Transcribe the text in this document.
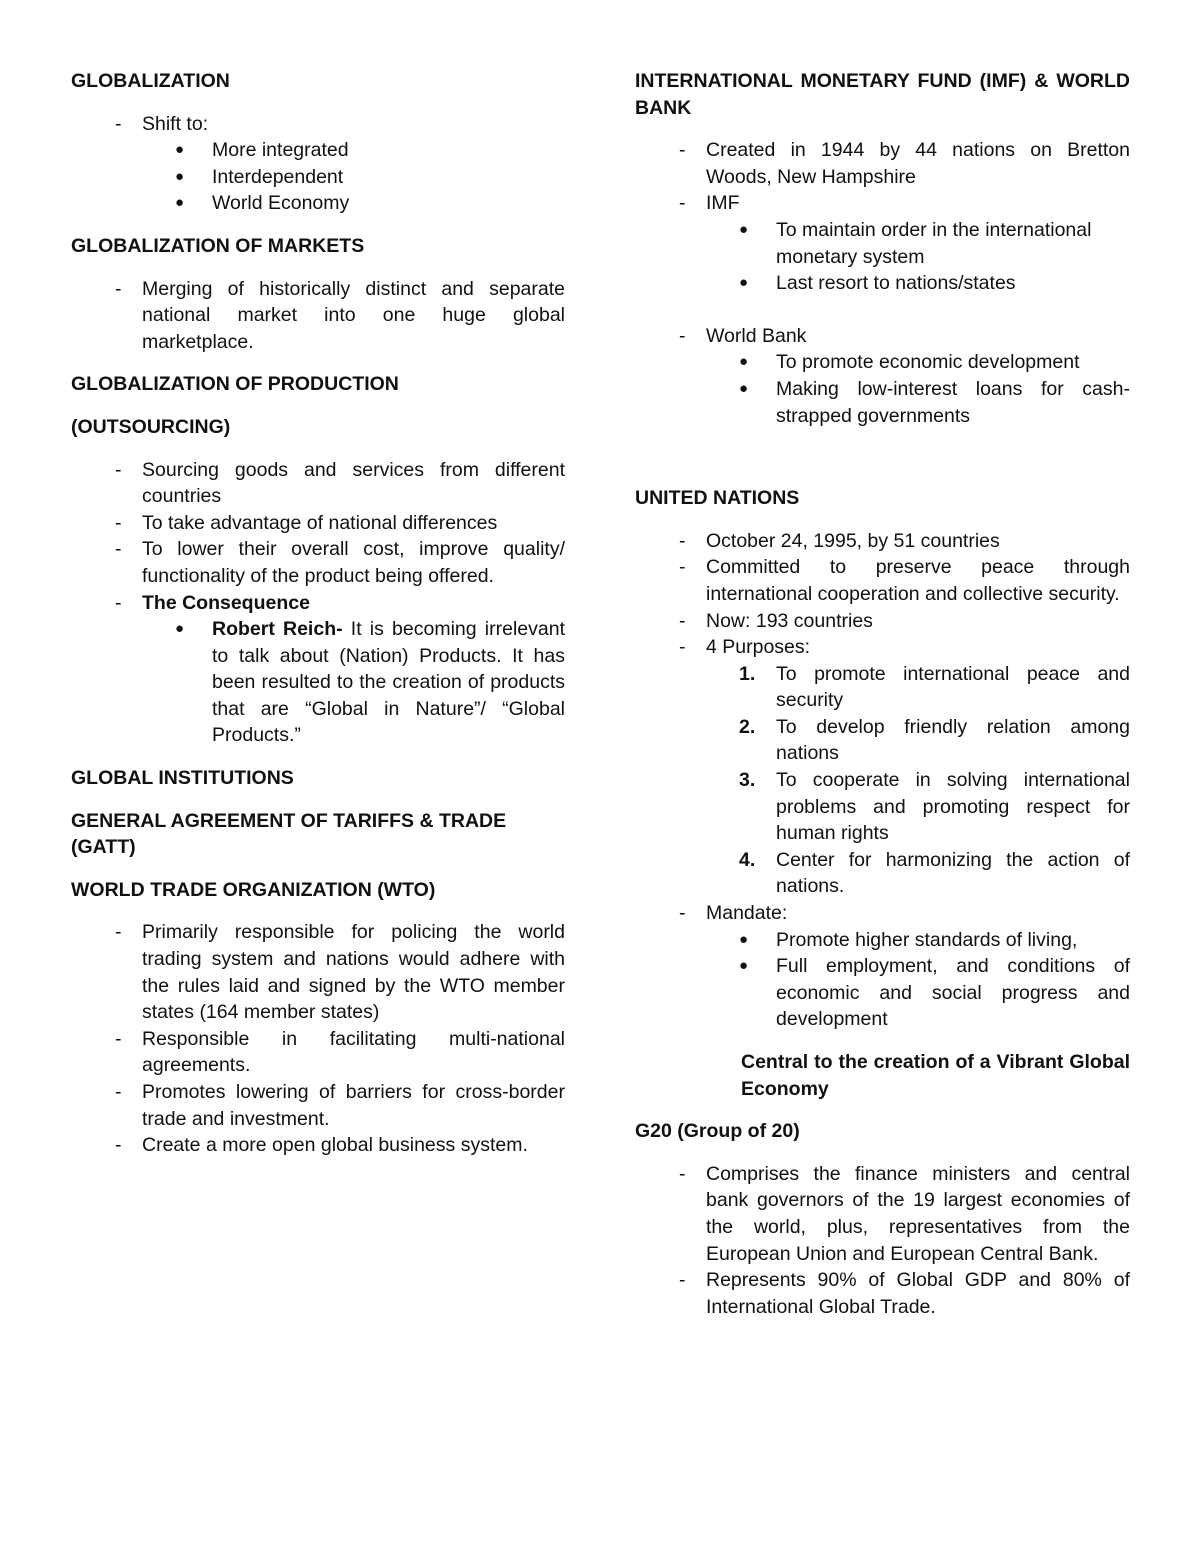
GLOBALIZATION
- Shift to:
● More integrated
● Interdependent
● World Economy
GLOBALIZATION OF MARKETS
- Merging of historically distinct and separate national market into one huge global marketplace.
GLOBALIZATION OF PRODUCTION
(OUTSOURCING)
- Sourcing goods and services from different countries
- To take advantage of national differences
- To lower their overall cost, improve quality/ functionality of the product being offered.
- The Consequence
● Robert Reich- It is becoming irrelevant to talk about (Nation) Products. It has been resulted to the creation of products that are “Global in Nature”/ “Global Products.”
GLOBAL INSTITUTIONS
GENERAL AGREEMENT OF TARIFFS & TRADE (GATT)
WORLD TRADE ORGANIZATION (WTO)
- Primarily responsible for policing the world trading system and nations would adhere with the rules laid and signed by the WTO member states (164 member states)
- Responsible in facilitating multi-national agreements.
- Promotes lowering of barriers for cross-border trade and investment.
- Create a more open global business system.
INTERNATIONAL MONETARY FUND (IMF) & WORLD BANK
- Created in 1944 by 44 nations on Bretton Woods, New Hampshire
- IMF
● To maintain order in the international monetary system
● Last resort to nations/states
- World Bank
● To promote economic development
● Making low-interest loans for cash-strapped governments
UNITED NATIONS
- October 24, 1995, by 51 countries
- Committed to preserve peace through international cooperation and collective security.
- Now: 193 countries
- 4 Purposes:
1. To promote international peace and security
2. To develop friendly relation among nations
3. To cooperate in solving international problems and promoting respect for human rights
4. Center for harmonizing the action of nations.
- Mandate:
● Promote higher standards of living,
● Full employment, and conditions of economic and social progress and development
Central to the creation of a Vibrant Global Economy
G20 (Group of 20)
- Comprises the finance ministers and central bank governors of the 19 largest economies of the world, plus, representatives from the European Union and European Central Bank.
- Represents 90% of Global GDP and 80% of International Global Trade.
